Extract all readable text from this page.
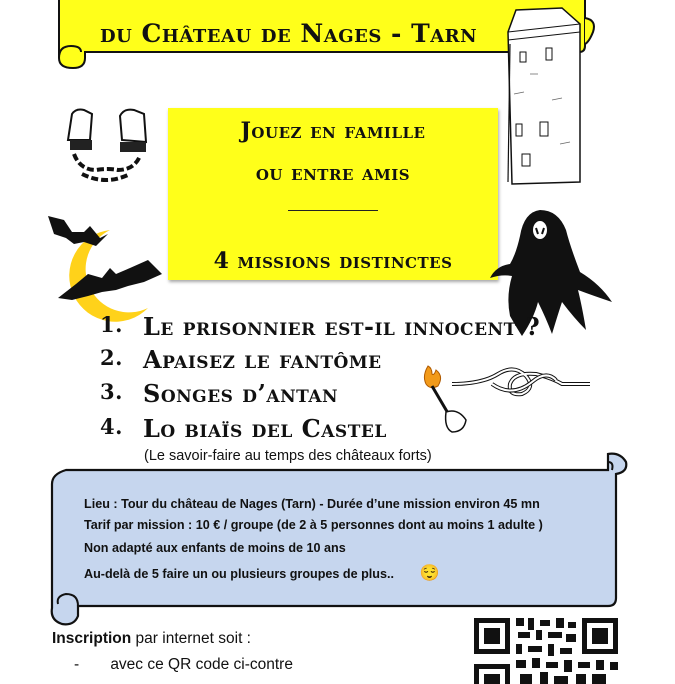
du Château de Nages - Tarn
Jouez en famille
ou entre amis
4 missions distinctes
1. Le prisonnier est-il innocent ?
2. Apaisez le fantôme
3. Songes d’antan
4. Lo biaïs del Castel
Lieu : Tour du château de Nages (Tarn) - Durée d’une mission environ 45 mn
Tarif par mission : 10 € / groupe (de 2 à 5 personnes dont au moins 1 adulte )
Non adapté aux enfants de moins de 10 ans
Au-delà de 5 faire un ou plusieurs groupes de plus.. 😌
(Le savoir-faire au temps des châteaux forts)
Inscription par internet soit :
- avec ce QR code ci-contre
